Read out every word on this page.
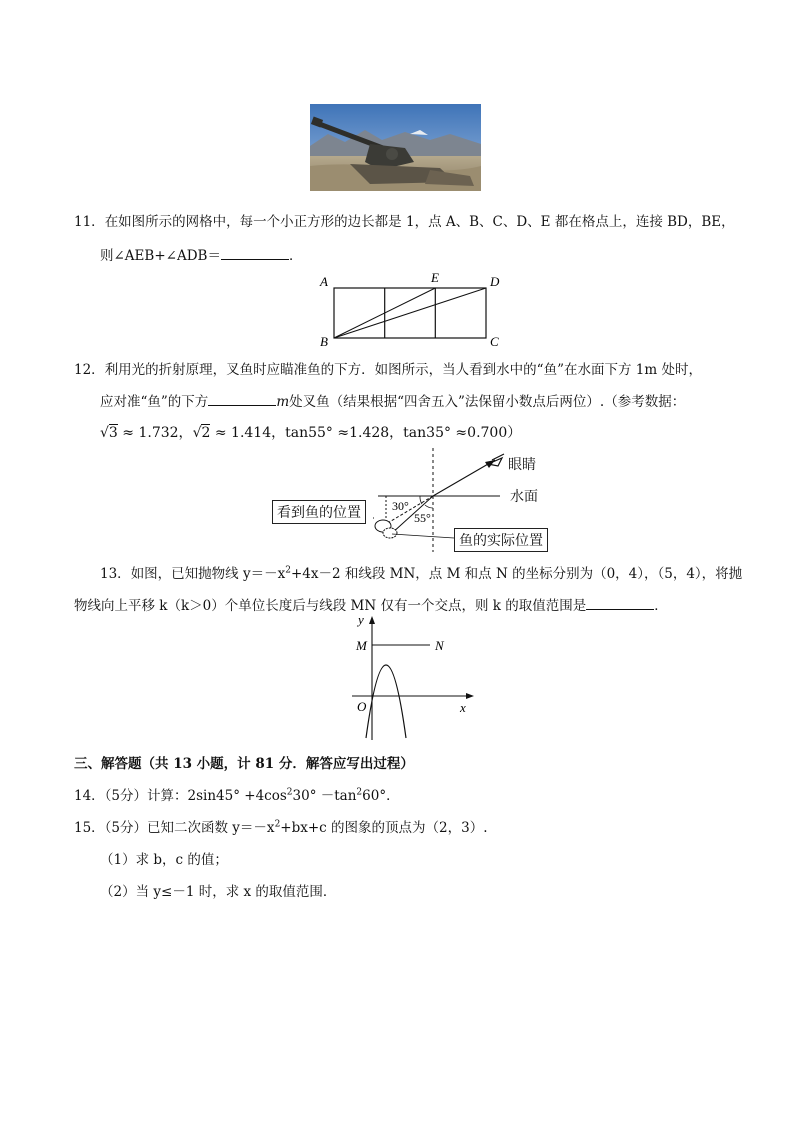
11．在如图所示的网格中，每一个小正方形的边长都是 1，点 A、B、C、D、E 都在格点上，连接 BD，BE，
则∠AEB+∠ADB＝	．
A	E	D
B	C
12．利用光的折射原理，叉鱼时应瞄准鱼的下方．如图所示，当人看到水中的“鱼”在水面下方 1m 处时，
应对准“鱼”的下方	m处叉鱼（结果根据“四舍五入”法保留小数点后两位）.（参考数据：
√3 ≈ 1.732，√2 ≈ 1.414，tan55° ≈1.428，tan35° ≈0.700）
30°
55°
眼睛
水面
看到鱼的位置
鱼的实际位置
13．如图，已知抛物线 $y=-x^2+4x-2$ 和线段 MN，点 M 和点 N 的坐标分别为（0，4），（5，4），将抛
物线向上平移 k（k＞0）个单位长度后与线段 MN 仅有一个交点，则 k 的取值范围是	．
y
x
O
M	N
三、解答题（共 13 小题，计 81 分．解答应写出过程）
14．（5分）计算：$2\sin 45^\circ +4\cos^230^\circ -\tan^260^\circ$．
15．（5分）已知二次函数 $y=-x^2+bx+c$ 的图象的顶点为（2，3）.
（1）求 b，c 的值；
（2）当 y≤－1 时，求 x 的取值范围．
